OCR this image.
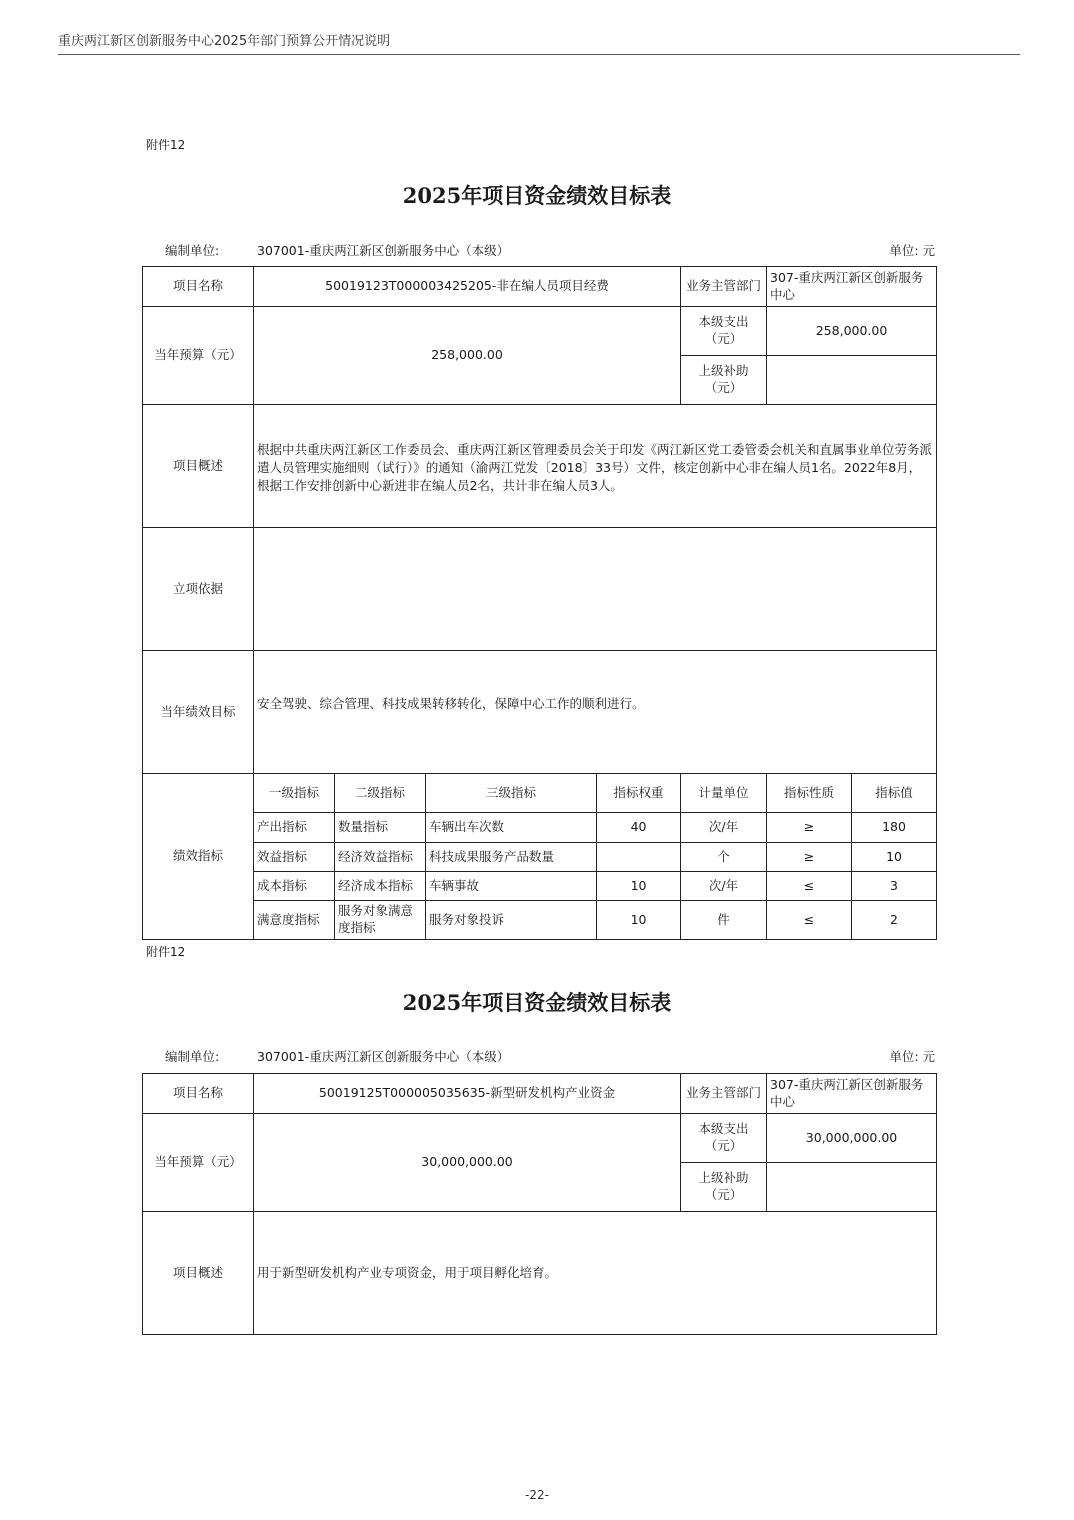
重庆两江新区创新服务中心2025年部门预算公开情况说明
附件12
2025年项目资金绩效目标表
编制单位:	307001-重庆两江新区创新服务中心（本级）	单位: 元
项目名称	50019123T000003425205-非在编人员项目经费				业务主管部门	307-重庆两江新区创新服务中心	
当年预算（元）	258,000.00				本级支出（元）	258,000.00	
					上级补助（元）		
项目概述	根据中共重庆两江新区工作委员会、重庆两江新区管理委员会关于印发《两江新区党工委管委会机关和直属事业单位劳务派遣人员管理实施细则（试行）》的通知（渝两江党发〔2018〕33号）文件，核定创新中心非在编人员1名。2022年8月，根据工作安排创新中心新进非在编人员2名，共计非在编人员3人。						
立项依据							
当年绩效目标	安全驾驶、综合管理、科技成果转移转化，保障中心工作的顺利进行。						
绩效指标	一级指标	二级指标	三级指标	指标权重	计量单位	指标性质	指标值
	产出指标	数量指标	车辆出车次数	40	次/年	≥	180
	效益指标	经济效益指标	科技成果服务产品数量		个	≥	10
	成本指标	经济成本指标	车辆事故	10	次/年	≤	3
	满意度指标	服务对象满意度指标	服务对象投诉	10	件	≤	2
附件12
2025年项目资金绩效目标表
编制单位:	307001-重庆两江新区创新服务中心（本级）	单位: 元
项目名称	50019125T000005035635-新型研发机构产业资金	业务主管部门	307-重庆两江新区创新服务中心
当年预算（元）	30,000,000.00	本级支出（元）	30,000,000.00
		上级补助（元）	
项目概述	用于新型研发机构产业专项资金，用于项目孵化培育。		
-22-
